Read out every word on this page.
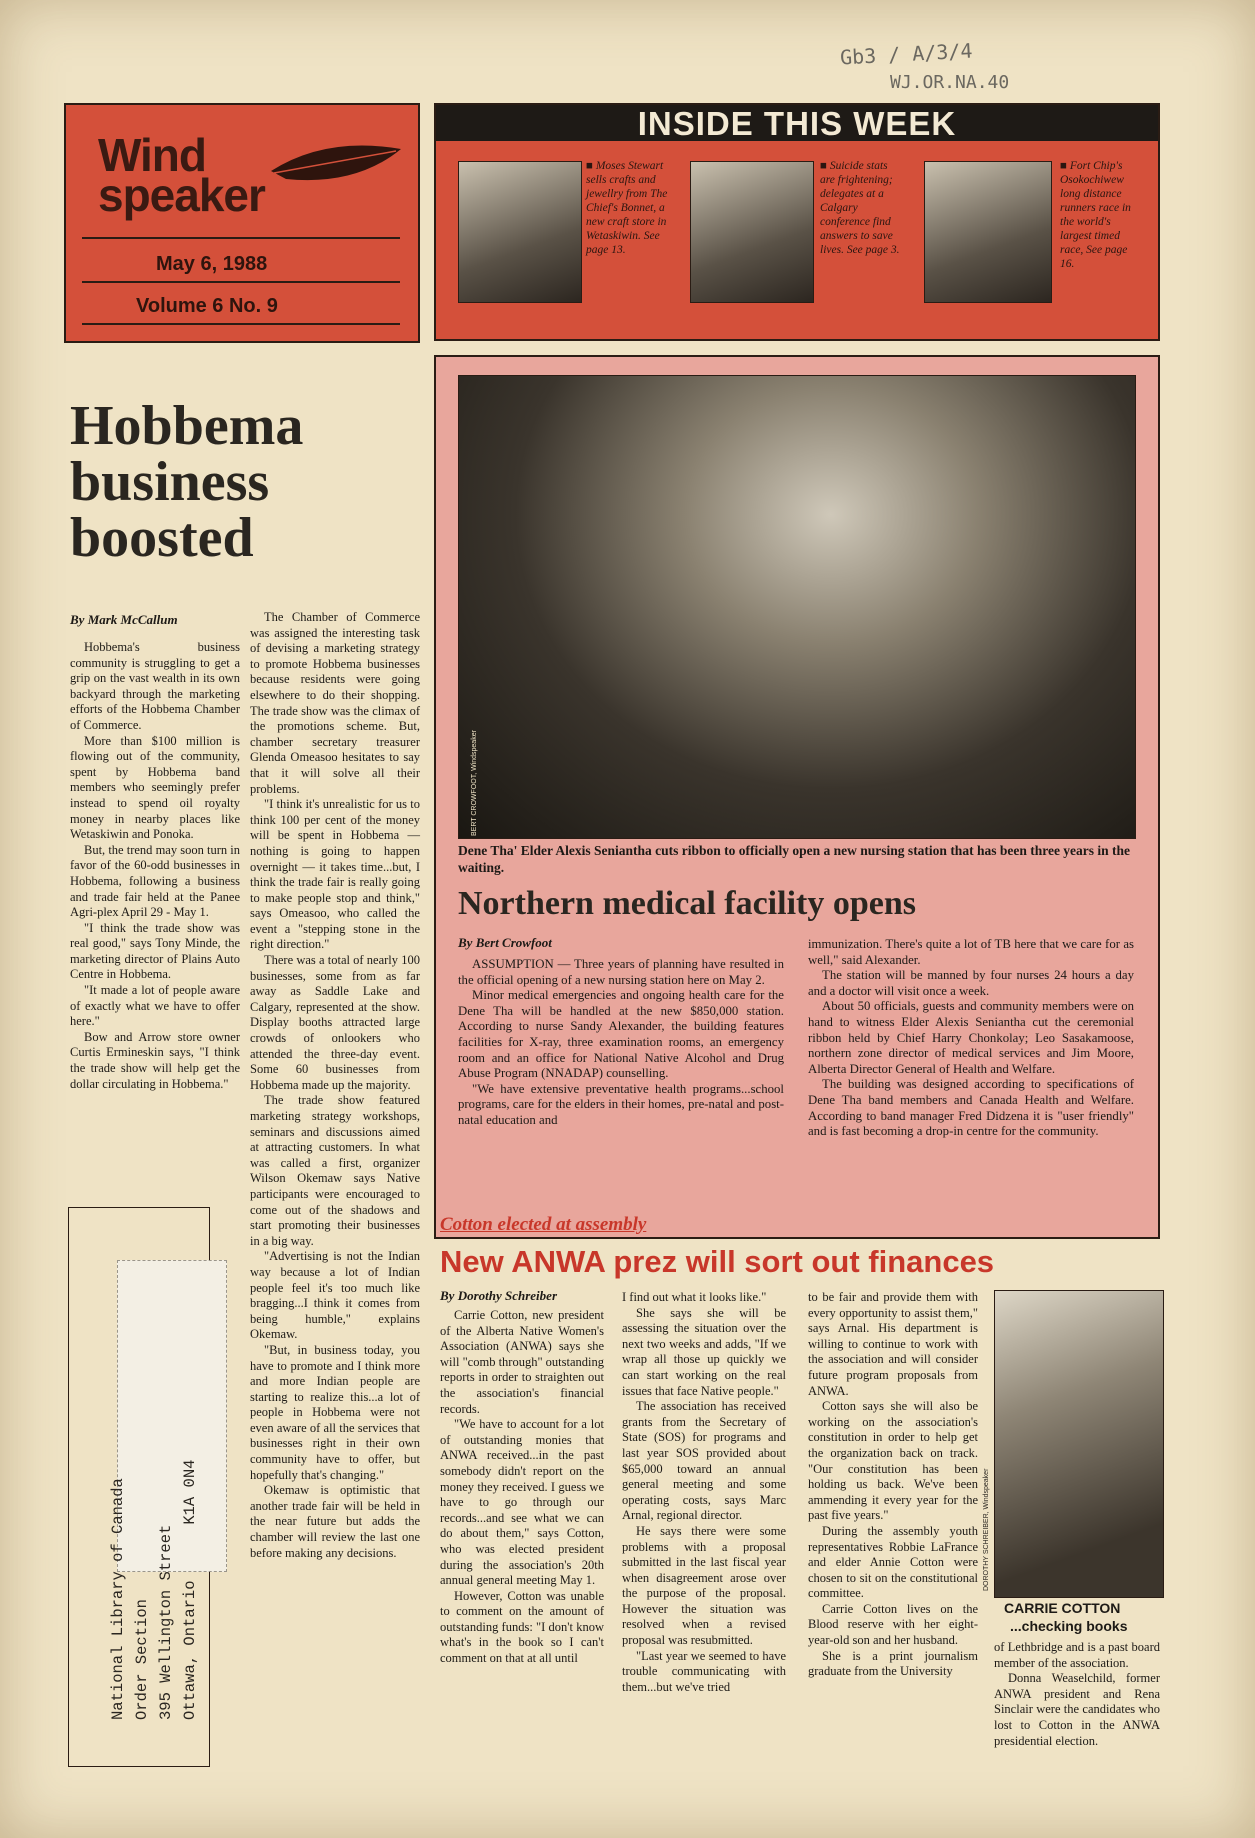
Gb3 / A/3/4
WJ.OR.NA.40
Wind
speaker
May 6, 1988
Volume 6 No. 9
INSIDE THIS WEEK
■ Moses Stewart sells crafts and jewellry from The Chief's Bonnet, a new craft store in Wetaskiwin. See page 13.
■ Suicide stats are frightening; delegates at a Calgary conference find answers to save lives. See page 3.
■ Fort Chip's Osokochiwew long distance runners race in the world's largest timed race, See page 16.
Hobbema business boosted
By Mark McCallum

Hobbema's business community is struggling to get a grip on the vast wealth in its own backyard through the marketing efforts of the Hobbema Chamber of Commerce.

More than $100 million is flowing out of the community, spent by Hobbema band members who seemingly prefer instead to spend oil royalty money in nearby places like Wetaskiwin and Ponoka.

But, the trend may soon turn in favor of the 60-odd businesses in Hobbema, following a business and trade fair held at the Panee Agri-plex April 29 - May 1.

"I think the trade show was real good," says Tony Minde, the marketing director of Plains Auto Centre in Hobbema.

"It made a lot of people aware of exactly what we have to offer here."

Bow and Arrow store owner Curtis Ermineskin says, "I think the trade show will help get the dollar circulating in Hobbema."

The Chamber of Commerce was assigned the interesting task of devising a marketing strategy to promote Hobbema businesses because residents were going elsewhere to do their shopping. The trade show was the climax of the promotions scheme. But, chamber secretary treasurer Glenda Omeasoo hesitates to say that it will solve all their problems.

"I think it's unrealistic for us to think 100 per cent of the money will be spent in Hobbema — nothing is going to happen overnight — it takes time...but, I think the trade fair is really going to make people stop and think," says Omeasoo, who called the event a "stepping stone in the right direction."

There was a total of nearly 100 businesses, some from as far away as Saddle Lake and Calgary, represented at the show. Display booths attracted large crowds of onlookers who attended the three-day event. Some 60 businesses from Hobbema made up the majority.

The trade show featured marketing strategy workshops, seminars and discussions aimed at attracting customers. In what was called a first, organizer Wilson Okemaw says Native participants were encouraged to come out of the shadows and start promoting their businesses in a big way.

"Advertising is not the Indian way because a lot of Indian people feel it's too much like bragging...I think it comes from being humble," explains Okemaw.

"But, in business today, you have to promote and I think more and more Indian people are starting to realize this...a lot of people in Hobbema were not even aware of all the services that businesses right in their own community have to offer, but hopefully that's changing."

Okemaw is optimistic that another trade fair will be held in the near future but adds the chamber will review the last one before making any decisions.

BERT CROWFOOT, Windspeaker
Dene Tha' Elder Alexis Seniantha cuts ribbon to officially open a new nursing station that has been three years in the waiting.
Northern medical facility opens
By Bert Crowfoot

ASSUMPTION — Three years of planning have resulted in the official opening of a new nursing station here on May 2.

Minor medical emergencies and ongoing health care for the Dene Tha will be handled at the new $850,000 station. According to nurse Sandy Alexander, the building features facilities for X-ray, three examination rooms, an emergency room and an office for National Native Alcohol and Drug Abuse Program (NNADAP) counselling.

"We have extensive preventative health programs...school programs, care for the elders in their homes, pre-natal and post-natal education and

immunization. There's quite a lot of TB here that we care for as well," said Alexander.

The station will be manned by four nurses 24 hours a day and a doctor will visit once a week.

About 50 officials, guests and community members were on hand to witness Elder Alexis Seniantha cut the ceremonial ribbon held by Chief Harry Chonkolay; Leo Sasakamoose, northern zone director of medical services and Jim Moore, Alberta Director General of Health and Welfare.

The building was designed according to specifications of Dene Tha band members and Canada Health and Welfare. According to band manager Fred Didzena it is "user friendly" and is fast becoming a drop-in centre for the community.

Cotton elected at assembly
New ANWA prez will sort out finances
By Dorothy Schreiber

Carrie Cotton, new president of the Alberta Native Women's Association (ANWA) says she will "comb through" outstanding reports in order to straighten out the association's financial records.

"We have to account for a lot of outstanding monies that ANWA received...in the past somebody didn't report on the money they received. I guess we have to go through our records...and see what we can do about them," says Cotton, who was elected president during the association's 20th annual general meeting May 1.

However, Cotton was unable to comment on the amount of outstanding funds: "I don't know what's in the book so I can't comment on that at all until

I find out what it looks like."

She says she will be assessing the situation over the next two weeks and adds, "If we wrap all those up quickly we can start working on the real issues that face Native people."

The association has received grants from the Secretary of State (SOS) for programs and last year SOS provided about $65,000 toward an annual general meeting and some operating costs, says Marc Arnal, regional director.

He says there were some problems with a proposal submitted in the last fiscal year when disagreement arose over the purpose of the proposal. However the situation was resolved when a revised proposal was resubmitted.

"Last year we seemed to have trouble communicating with them...but we've tried

to be fair and provide them with every opportunity to assist them," says Arnal. His department is willing to continue to work with the association and will consider future program proposals from ANWA.

Cotton says she will also be working on the association's constitution in order to help get the organization back on track. "Our constitution has been holding us back. We've been ammending it every year for the past five years."

During the assembly youth representatives Robbie LaFrance and elder Annie Cotton were chosen to sit on the constitutional committee.

Carrie Cotton lives on the Blood reserve with her eight-year-old son and her husband.

She is a print journalism graduate from the University

DOROTHY SCHREIBER, Windspeaker
CARRIE COTTON
...checking books

of Lethbridge and is a past board member of the association.

Donna Weaselchild, former ANWA president and Rena Sinclair were the candidates who lost to Cotton in the ANWA presidential election.

National Library of Canada Order Section 395 Wellington Street Ottawa, Ontario      K1A 0N4
